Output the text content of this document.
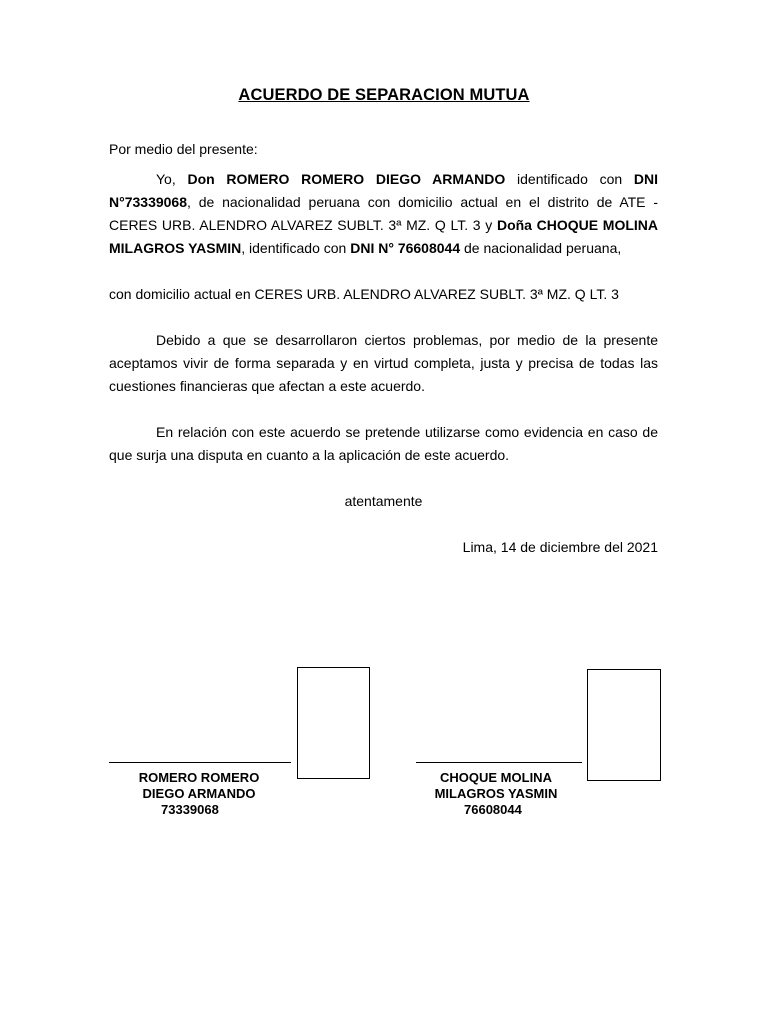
ACUERDO DE SEPARACION MUTUA
Por medio del presente:
Yo, Don ROMERO ROMERO DIEGO ARMANDO identificado con DNI N°73339068, de nacionalidad peruana con domicilio actual en el distrito de ATE - CERES URB. ALENDRO ALVAREZ SUBLT. 3ª MZ. Q LT. 3 y Doña CHOQUE MOLINA MILAGROS YASMIN, identificado con DNI N° 76608044 de nacionalidad peruana,
con domicilio actual en CERES URB. ALENDRO ALVAREZ SUBLT. 3ª MZ. Q LT. 3
Debido a que se desarrollaron ciertos problemas, por medio de la presente aceptamos vivir de forma separada y en virtud completa, justa y precisa de todas las cuestiones financieras que afectan a este acuerdo.
En relación con este acuerdo se pretende utilizarse como evidencia en caso de que surja una disputa en cuanto a la aplicación de este acuerdo.
atentamente
Lima, 14 de diciembre del 2021
ROMERO ROMERO
DIEGO ARMANDO
73339068
CHOQUE MOLINA
MILAGROS YASMIN
76608044
